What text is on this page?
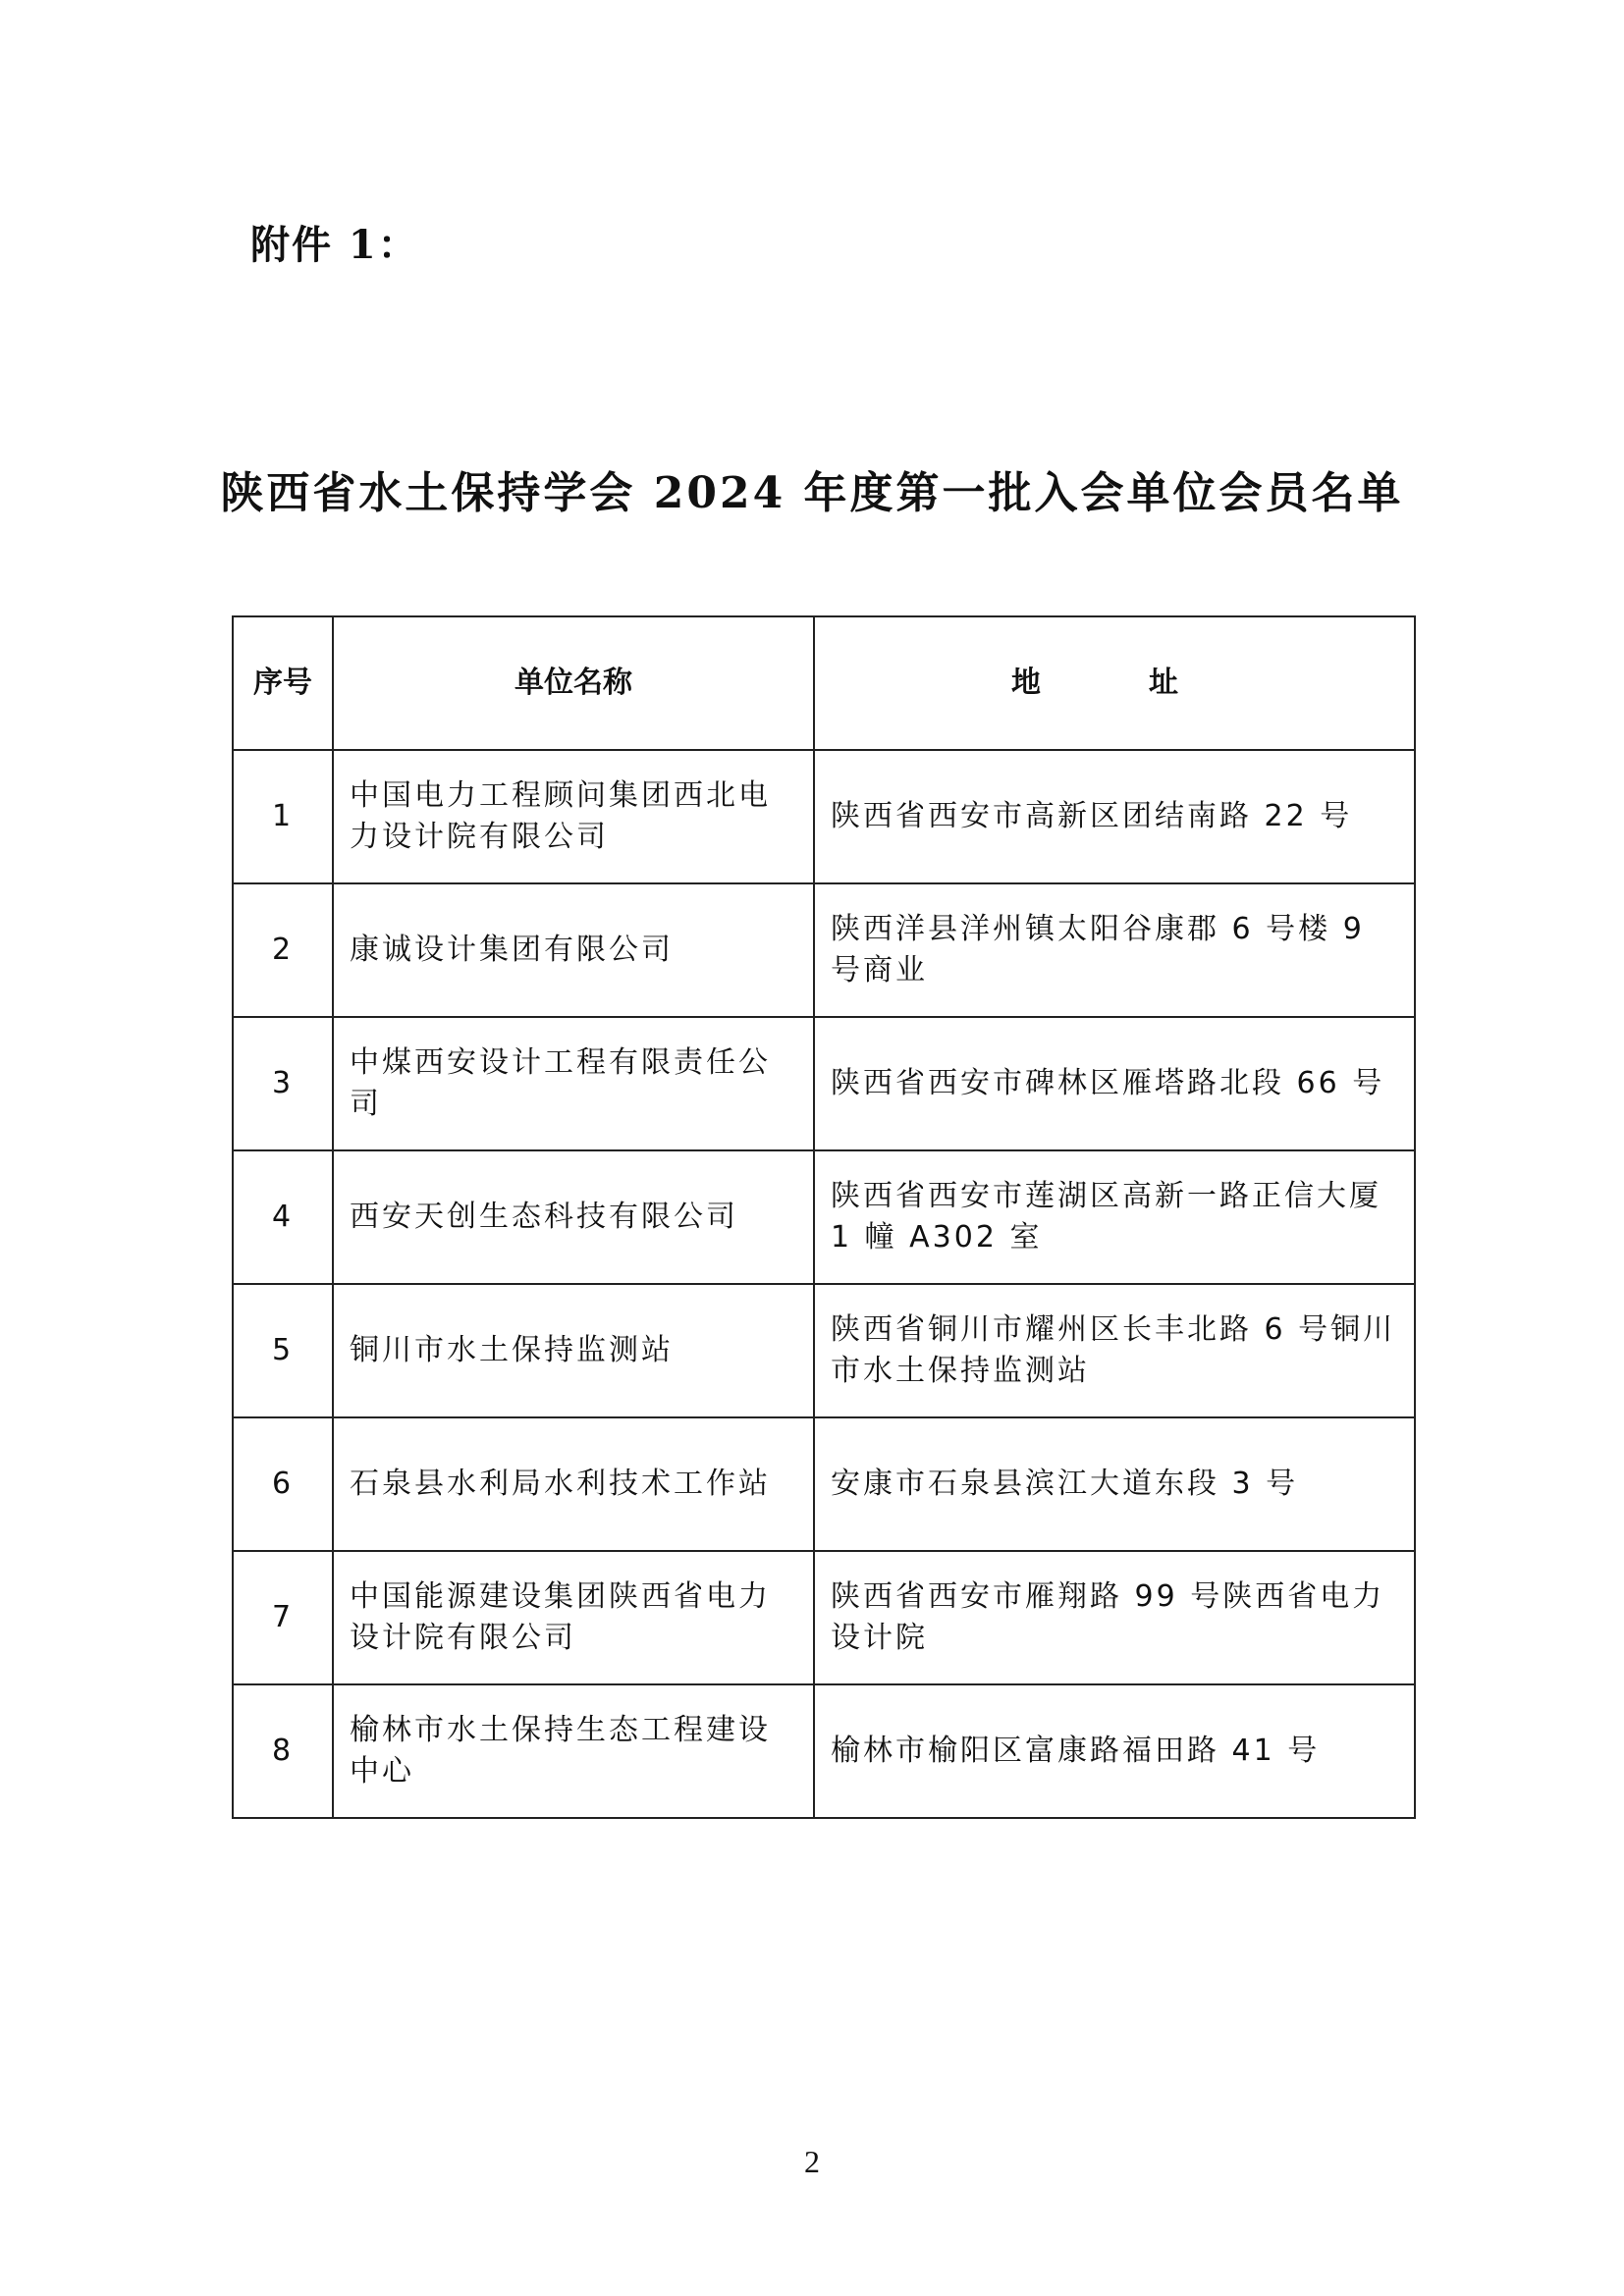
附件 1：
陕西省水土保持学会 2024 年度第一批入会单位会员名单
序号	单位名称	地　址
1	中国电力工程顾问集团西北电力设计院有限公司	陕西省西安市高新区团结南路 22 号
2	康诚设计集团有限公司	陕西洋县洋州镇太阳谷康郡 6 号楼 9 号商业
3	中煤西安设计工程有限责任公司	陕西省西安市碑林区雁塔路北段 66 号
4	西安天创生态科技有限公司	陕西省西安市莲湖区高新一路正信大厦 1 幢 A302 室
5	铜川市水土保持监测站	陕西省铜川市耀州区长丰北路 6 号铜川市水土保持监测站
6	石泉县水利局水利技术工作站	安康市石泉县滨江大道东段 3 号
7	中国能源建设集团陕西省电力设计院有限公司	陕西省西安市雁翔路 99 号陕西省电力设计院
8	榆林市水土保持生态工程建设中心	榆林市榆阳区富康路福田路 41 号
2
